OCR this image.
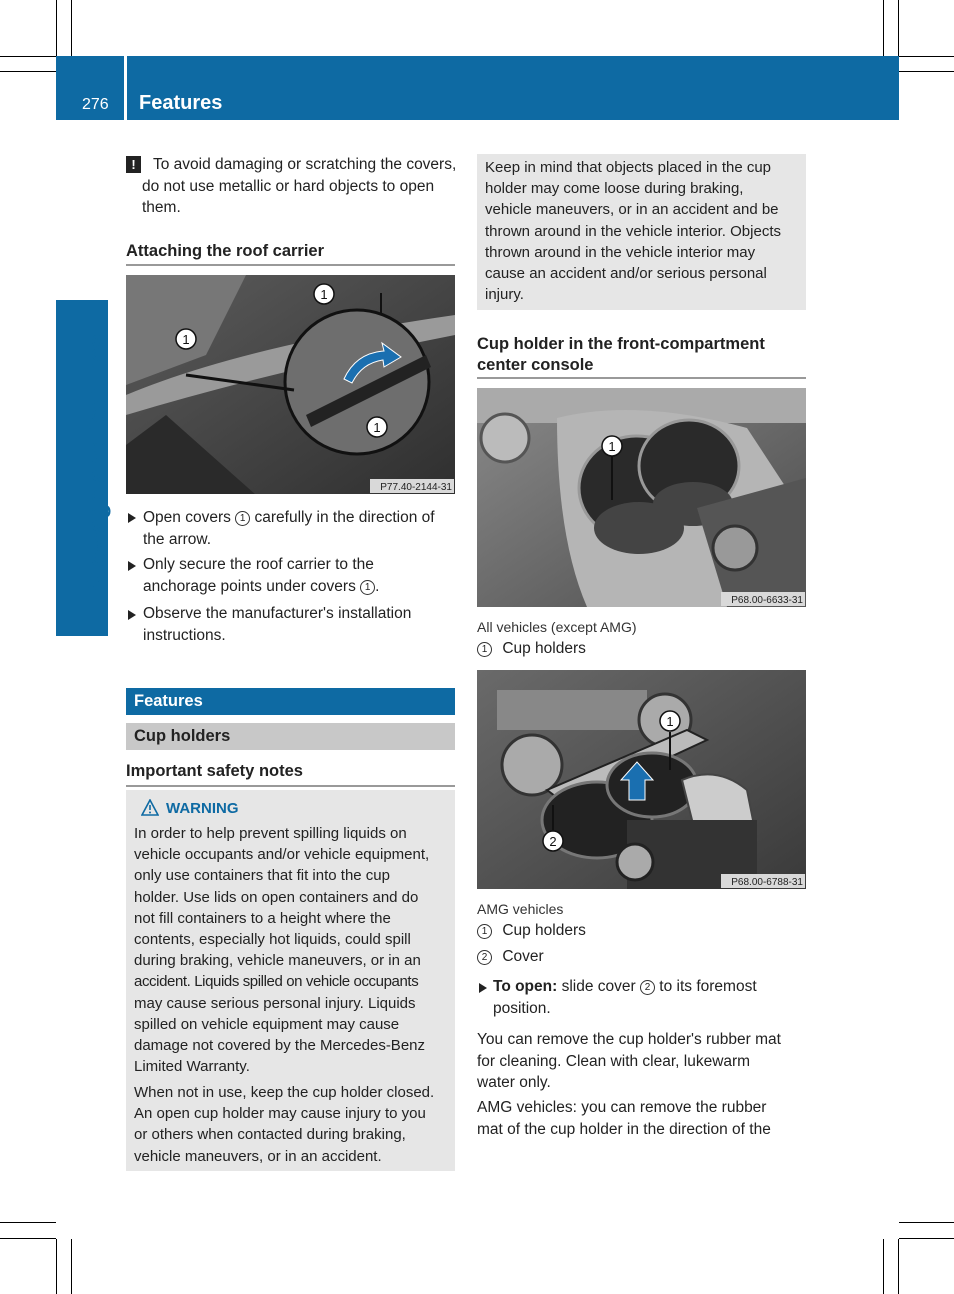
276 Features
Stowage and features
!	To avoid damaging or scratching the covers, do not use metallic or hard objects to open them.
Attaching the roof carrier
1
1
1
P77.40-2144-31
Open covers 1 carefully in the direction of
the arrow.
Only secure the roof carrier to the
anchorage points under covers 1 .
Observe the manufacturer's installation
instructions.
Features
Cup holders
Important safety notes
WARNING
In order to help prevent spilling liquids on
vehicle occupants and/or vehicle equipment,
only use containers that fit into the cup
holder. Use lids on open containers and do
not fill containers to a height where the
contents, especially hot liquids, could spill
during braking, vehicle maneuvers, or in an
accident. Liquids spilled on vehicle occupants
may cause serious personal injury. Liquids
spilled on vehicle equipment may cause
damage not covered by the Mercedes-Benz
Limited Warranty.
When not in use, keep the cup holder closed.
An open cup holder may cause injury to you
or others when contacted during braking,
vehicle maneuvers, or in an accident.
Keep in mind that objects placed in the cup
holder may come loose during braking,
vehicle maneuvers, or in an accident and be
thrown around in the vehicle interior. Objects
thrown around in the vehicle interior may
cause an accident and/or serious personal
injury.
Cup holder in the front-compartment
center console
1
P68.00-6633-31
All vehicles (except AMG)
1 Cup holders
1
2
P68.00-6788-31
AMG vehicles
1 Cup holders
2 Cover
To open: slide cover 2 to its foremost
position.
You can remove the cup holder's rubber mat
for cleaning. Clean with clear, lukewarm
water only.
AMG vehicles: you can remove the rubber
mat of the cup holder in the direction of the
